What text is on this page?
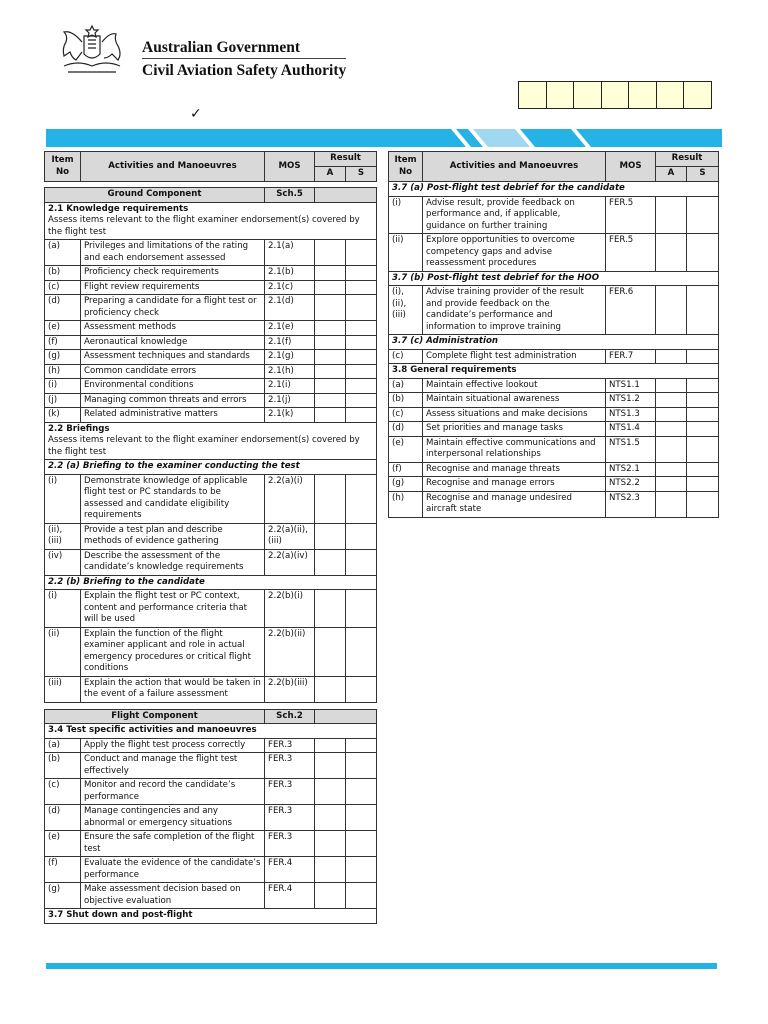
Australian Government
Civil Aviation Safety Authority
✓
Item No	Activities and Manoeuvres	MOS	Result	
			A	S
Ground Component		Sch.5		
2.1 Knowledge requirements
Assess items relevant to the flight examiner endorsement(s) covered by the flight test				

(a)	Privileges and limitations of the rating and each endorsement assessed	2.1(a)		
(b)	Proficiency check requirements	2.1(b)		
(c)	Flight review requirements	2.1(c)		
(d)	Preparing a candidate for a flight test or proficiency check	2.1(d)		
(e)	Assessment methods	2.1(e)		
(f)	Aeronautical knowledge	2.1(f)		
(g)	Assessment techniques and standards	2.1(g)		
(h)	Common candidate errors	2.1(h)		
(i)	Environmental conditions	2.1(i)		
(j)	Managing common threats and errors	2.1(j)		
(k)	Related administrative matters	2.1(k)		
2.2 Briefings
Assess items relevant to the flight examiner endorsement(s) covered by the flight test				

2.2 (a) Briefing to the examiner conducting the test				
(i)	Demonstrate knowledge of applicable flight test or PC standards to be assessed and candidate eligibility requirements	2.2(a)(i)		
(ii), (iii)	Provide a test plan and describe methods of evidence gathering	2.2(a)(ii), (iii)		
(iv)	Describe the assessment of the candidate’s knowledge requirements	2.2(a)(iv)		
2.2 (b) Briefing to the candidate				
(i)	Explain the flight test or PC context, content and performance criteria that will be used	2.2(b)(i)		
(ii)	Explain the function of the flight examiner applicant and role in actual emergency procedures or critical flight conditions	2.2(b)(ii)		
(iii)	Explain the action that would be taken in the event of a failure assessment	2.2(b)(iii)		
Flight Component		Sch.2		
3.4 Test specific activities and manoeuvres				
(a)	Apply the flight test process correctly	FER.3		
(b)	Conduct and manage the flight test effectively	FER.3		
(c)	Monitor and record the candidate’s performance	FER.3		
(d)	Manage contingencies and any abnormal or emergency situations	FER.3		
(e)	Ensure the safe completion of the flight test	FER.3		
(f)	Evaluate the evidence of the candidate’s performance	FER.4		
(g)	Make assessment decision based on objective evaluation	FER.4		
3.7 Shut down and post-flight				
Item No	Activities and Manoeuvres	MOS	Result	
			A	S
3.7 (a) Post-flight test debrief for the candidate				
(i)	Advise result, provide feedback on performance and, if applicable, guidance on further training	FER.5		
(ii)	Explore opportunities to overcome competency gaps and advise reassessment procedures	FER.5		
3.7 (b) Post-flight test debrief for the HOO				
(i), (ii), (iii)	Advise training provider of the result and provide feedback on the candidate’s performance and information to improve training	FER.6		
3.7 (c) Administration				
(c)	Complete flight test administration	FER.7		
3.8 General requirements				
(a)	Maintain effective lookout	NTS1.1		
(b)	Maintain situational awareness	NTS1.2		
(c)	Assess situations and make decisions	NTS1.3		
(d)	Set priorities and manage tasks	NTS1.4		
(e)	Maintain effective communications and interpersonal relationships	NTS1.5		
(f)	Recognise and manage threats	NTS2.1		
(g)	Recognise and manage errors	NTS2.2		
(h)	Recognise and manage undesired aircraft state	NTS2.3		
